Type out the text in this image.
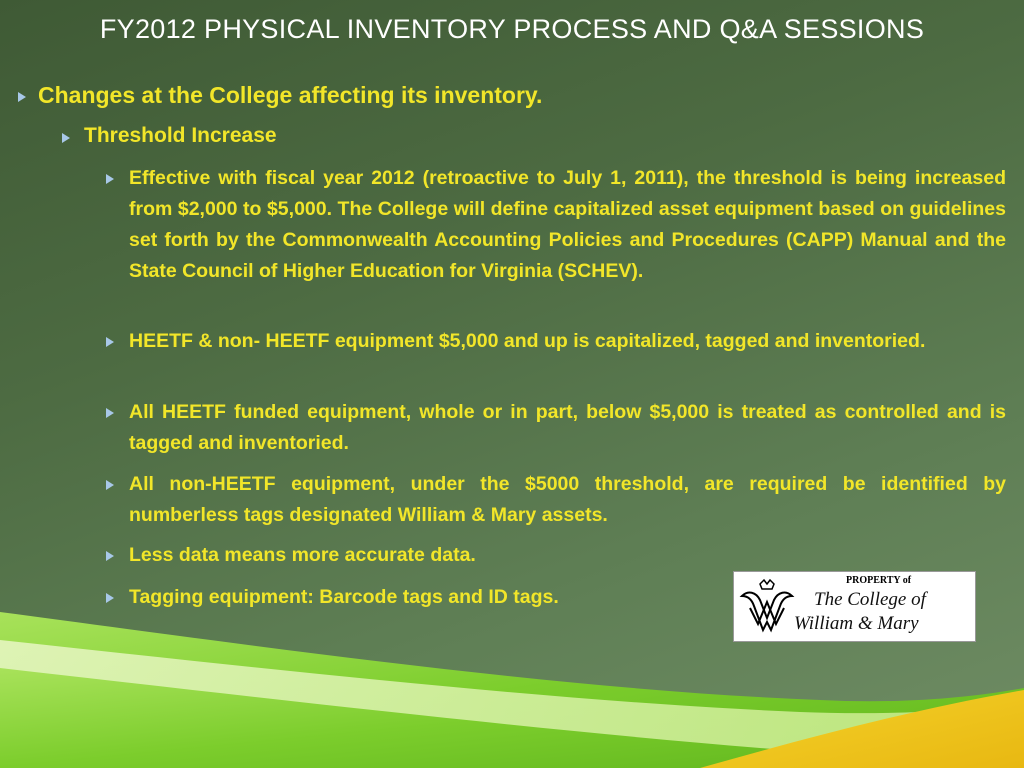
FY2012 PHYSICAL INVENTORY PROCESS AND Q&A SESSIONS
Changes at the College affecting its inventory.
Threshold Increase
Effective with fiscal year 2012 (retroactive to July 1, 2011), the threshold is being increased from $2,000 to $5,000. The College will define capitalized asset equipment based on guidelines set forth by the Commonwealth Accounting Policies and Procedures (CAPP) Manual and the State Council of Higher Education for Virginia (SCHEV).
HEETF & non- HEETF equipment $5,000 and up is capitalized, tagged and inventoried.
All HEETF funded equipment, whole or in part, below $5,000 is treated as controlled and is tagged and inventoried.
All non-HEETF equipment, under the $5000 threshold, are required be identified by numberless tags designated William & Mary assets.
Less data means more accurate data.
Tagging equipment: Barcode tags and ID tags.
PROPERTY of
The College of
William & Mary
